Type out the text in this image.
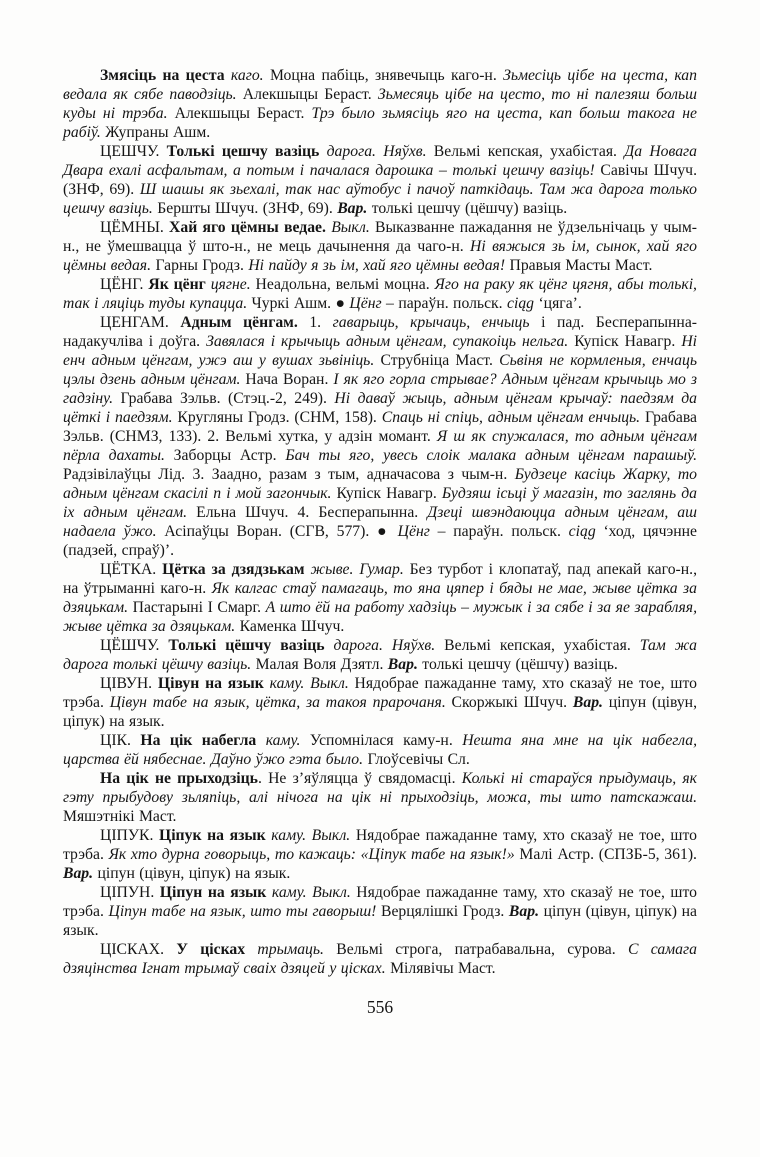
Змясіць на цеста каго. Моцна пабіць, знявечыць каго-н. Зьмесіць цібе на цеста, кап ведала як сябе паводзіць. Алекшыцы Бераст. Зьмесяць цібе на цесто, то ні палезяш больш куды ні трэба. Алекшыцы Бераст. Трэ было зьмясіць яго на цеста, кап больш такога не рабіў. Жупраны Ашм.

ЦЕШЧУ. Толькі цешчу вазіць дарога. Няўхв. Вельмі кепская, ухабістая. Да Новага Двара ехалі асфальтам, а потым і пачалася дарошка – толькі цешчу вазіць! Савічы Шчуч. (ЗНФ, 69). Ш шашы як зьехалі, так нас аўтобус і пачоў паткідаць. Там жа дарога только цешчу вазіць. Бершты Шчуч. (ЗНФ, 69). Вар. толькі цешчу (цёшчу) вазіць.

ЦЁМНЫ. Хай яго цёмны ведае. Выкл. Выказванне пажадання не ўдзельнічаць у чым-н., не ўмешвацца ў што-н., не мець дачынення да чаго-н. Ні вяжыся зь ім, сынок, хай яго цёмны ведая. Гарны Гродз. Ні пайду я зь ім, хай яго цёмны ведая! Правыя Масты Маст.

ЦЁНГ. Як цёнг цягне. Неадольна, вельмі моцна. Яго на раку як цёнг цягня, абы толькі, так і ляціць туды купацца. Чуркі Ашм. ● Цёнг – параўн. польск. ciąg ‘цяга’.

ЦЕНГАМ. Адным цёнгам. 1. гаварыць, крычаць, енчыць і пад. Бесперапынна-надакучліва і доўга. Завялася і крычыць адным цёнгам, супакоіць нельга. Купіск Навагр. Ні енч адным цёнгам, ужэ аш у вушах зьвініць. Струбніца Маст. Сьвіня не кормленыя, енчаць цэлы дзень адным цёнгам. Нача Воран. І як яго горла стрывае? Адным цёнгам крычыць мо з гадзіну. Грабава Зэльв. (Стэц.-2, 249). Ні даваў жыць, адным цёнгам крычаў: паедзям да цёткі і паедзям. Кругляны Гродз. (СНМ, 158). Спаць ні спіць, адным цёнгам енчыць. Грабава Зэльв. (СНМЗ, 133). 2. Вельмі хутка, у адзін момант. Я ш як спужалася, то адным цёнгам пёрла дахаты. Заборцы Астр. Бач ты яго, увесь слоік малака адным цёнгам парашыў. Радзівілаўцы Лід. 3. Заадно, разам з тым, адначасова з чым-н. Будзеце касіць Жарку, то адным цёнгам скасілі п і мой загончык. Купіск Навагр. Будзяш ісьці ў магазін, то заглянь да іх адным цёнгам. Ельна Шчуч. 4. Бесперапынна. Дзеці швэндаюцца адным цёнгам, аш надаела ўжо. Асіпаўцы Воран. (СГВ, 577). ● Цёнг – параўн. польск. ciąg ‘ход, цячэнне (падзей, спраў)’.

ЦЁТКА. Цётка за дзядзькам жыве. Гумар. Без турбот і клопатаў, пад апекай каго-н., на ўтрыманні каго-н. Як калгас стаў памагаць, то яна цяпер і бяды не мае, жыве цётка за дзяцькам. Пастарыні І Смарг. А што ёй на работу хадзіць – мужык і за сябе і за яе зарабляя, жыве цётка за дзяцькам. Каменка Шчуч.

ЦЁШЧУ. Толькі цёшчу вазіць дарога. Няўхв. Вельмі кепская, ухабістая. Там жа дарога толькі цёшчу вазіць. Малая Воля Дзятл. Вар. толькі цешчу (цёшчу) вазіць.

ЦІВУН. Цівун на язык каму. Выкл. Нядобрае пажаданне таму, хто сказаў не тое, што трэба. Цівун табе на язык, цётка, за такоя прарочаня. Скоржыкі Шчуч. Вар. ціпун (цівун, ціпук) на язык.

ЦІК. На цік набегла каму. Успомнілася каму-н. Нешта яна мне на цік набегла, царства ёй нябеснае. Даўно ўжо гэта было. Глоўсевічы Сл.

На цік не прыходзіць. Не з’яўляцца ў свядомасці. Колькі ні стараўся прыдумаць, як гэту прыбудову зьляпіць, алі нічога на цік ні прыходзіць, можа, ты што патскажаш. Мяшэтнікі Маст.

ЦІПУК. Ціпук на язык каму. Выкл. Нядобрае пажаданне таму, хто сказаў не тое, што трэба. Як хто дурна говорыць, то кажаць: «Ціпук табе на язык!» Малі Астр. (СПЗБ-5, 361). Вар. ціпун (цівун, ціпук) на язык.

ЦІПУН. Ціпун на язык каму. Выкл. Нядобрае пажаданне таму, хто сказаў не тое, што трэба. Ціпун табе на язык, што ты гаворыш! Верцялішкі Гродз. Вар. ціпун (цівун, ціпук) на язык.

ЦІСКАХ. У цісках трымаць. Вельмі строга, патрабавальна, сурова. С самага дзяцінства Ігнат трымаў сваіх дзяцей у цісках. Мілявічы Маст.

556
